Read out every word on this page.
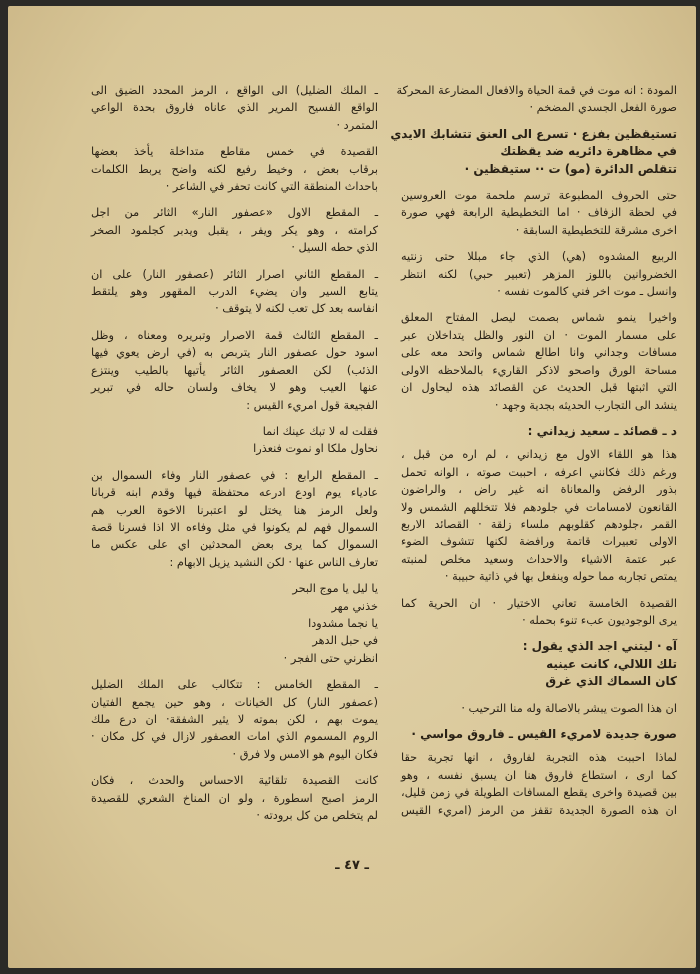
المودة : انه موت في قمة الحياة والافعال المضارعة المحركة
صورة الفعل الجسدي المضخم ·
تستيقظين بفزع · تسرع الى العنق تتشابك الايدي
في مظاهرة دائريه ضد يقظتك
تتقلص الدائرة (مو) ت ·· ستيقظين ·
حتى الحروف المطبوعة ترسم ملحمة موت العروسين
في لحظة الزفاف · اما التخطيطية الرابعة فهي صورة
اخرى مشرقة للتخطيطية السابقة ·
الربيع المشدوه (هي) الذي جاء مبللا حتى زنتيه
الخضروانين باللوز المزهر (تعبير حبي) لكنه انتظر
وانسل ـ موت اخر فني كالموت نفسه ·
واخيرا ينمو شماس بصمت ليصل المفتاح المعلق
على مسمار الموت · ان النور والظل يتداخلان عبر
مسافات وجداني وانا اطالع شماس واتحد معه على
مساحة الورق واصحو لاذكر القاريء بالملاحظه الاولى
التي اثبتها قبل الحديث عن القصائد هذه ليحاول ان
ينشد الى التجارب الحديثه بجدية وجهد ·
د ـ قصائد ـ سعيد زيداني :
هذا هو اللقاء الاول مع زيداني ، لم اره من قبل ،
ورغم ذلك فكانني اعرفه ، احببت صوته ، الوانه تحمل
بذور الرفض والمعاناة انه غير راض ، والراضون
القانعون لامسامات في جلودهم فلا تتخللهم الشمس ولا
القمر ،جلودهم كقلوبهم ملساء زلقة · القصائد الاربع
الاولى تعبيرات قاتمة ورافضة لكنها تتشوف الضوء
عبر عتمة الاشياء والاحداث وسعيد مخلص لمنبته
يمتص تجاربه مما حوله وينفعل بها في ذاتية حبيبة ·
القصيدة الخامسة تعاني الاختيار · ان الحرية كما
يرى الوجوديون عبء تنوء بحمله ·
آه · ليتني اجد الذي يقول :
تلك اللالي، كانت عينيه
كان السماك الذي غرق
ان هذا الصوت يبشر بالاصالة وله منا الترحيب ·
صورة جديدة لامريء القيس ـ فاروق مواسي ·
لماذا احببت هذه التجربة لفاروق ، انها تجربة حقا
كما ارى ، استطاع فاروق هنا ان يسبق نفسه ، وهو
بين قصيدة واخرى يقطع المسافات الطويلة في زمن قليل،
ان هذه الصورة الجديدة تقفز من الرمز (امريء القيس
ـ الملك الضليل) الى الواقع ، الرمز المحدد الضيق الى
الواقع الفسيح المرير الذي عاناه فاروق بحدة الواعي
المتمرد ·
القصيدة في خمس مقاطع متداخلة يأخذ بعضها
برقاب بعض ، وخيط رفيع لكنه واضح يربط الكلمات
باحداث المنطقة التي كانت تحفر في الشاعر ·
ـ المقطع الاول «عصفور النار» الثائر من اجل
كرامته ، وهو يكر ويفر ، يقبل ويدبر كجلمود الصخر
الذي حطه السيل ·
ـ المقطع الثاني اصرار الثائر (عصفور النار) على ان
يتابع السير وان يضيء الدرب المقهور وهو يلتقط
انفاسه بعد كل تعب لكنه لا يتوقف ·
ـ المقطع الثالث قمة الاصرار وتبريره ومعناه ، وظل
اسود حول عصفور النار يتربص به (في ارض يعوي فيها
الذئب) لكن العصفور الثائر يأتيها بالطيب وينتزع
عنها العيب وهو لا يخاف ولسان حاله في تبرير
الفجيعة قول امريء القيس :
فقلت له لا تبك عينك انما
نحاول ملكا او نموت فنعذرا
ـ المقطع الرابع : في عصفور النار وفاء السموال بن
عادياء يوم اودع ادرعه محتفظة فيها وقدم ابنه قربانا
ولعل الرمز هنا يختل لو اعتبرنا الاخوة العرب هم
السموال فهم لم يكونوا في مثل وفاءه الا اذا فسرنا قصة
السموال كما يرى بعض المحدثين اي على عكس ما
تعارف الناس عنها · لكن النشيد يزيل الابهام :
يا ليل يا موج البحر
خذني مهر
يا نجما مشدودا
في حبل الدهر
انظرني حتى الفجر ·
ـ المقطع الخامس : تتكالب على الملك الضليل
(عصفور النار) كل الخيانات ، وهو حين يجمع الفتيان
يموت بهم ، لكن بموته لا يثير الشفقة· ان درع ملك
الروم المسموم الذي امات العصفور لازال في كل مكان ·
فكان اليوم هو الامس ولا فرق ·
كانت القصيدة تلقائية الاحساس والحدث ، فكان
الرمز اصبح اسطورة ، ولو ان المناخ الشعري للقصيدة
لم يتخلص من كل برودته ·
ـ ٤٧ ـ
